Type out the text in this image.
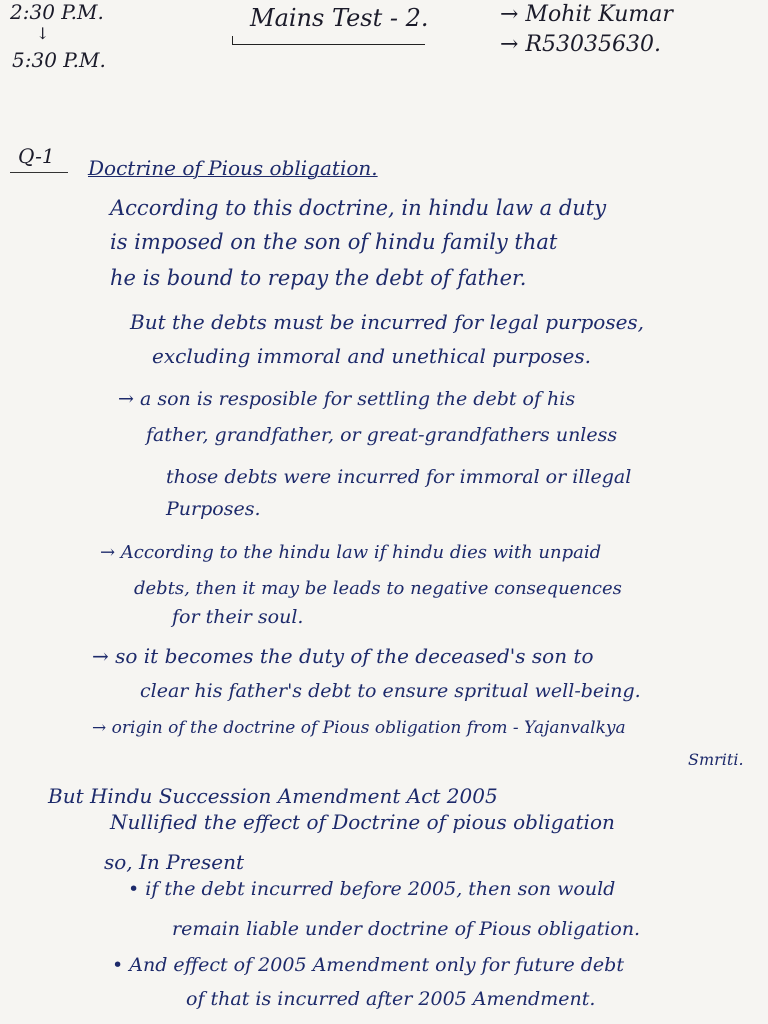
2:30 P.M.
↓
5:30 P.M.
Mains Test - 2.	→ Mohit Kumar
→ R53035630.
Q-1 Doctrine of Pious obligation.
According to this doctrine, in hindu law a duty
is imposed on the son of hindu family that
he is bound to repay the debt of father.
But the debts must be incurred for legal purposes,
excluding immoral and unethical purposes.
→ a son is resposible for settling the debt of his
father, grandfather, or great-grandfathers unless
those debts were incurred for immoral or illegal
Purposes.
→ According to the hindu law if hindu dies with unpaid
debts, then it may be leads to negative consequences
for their soul.
→ so it becomes the duty of the deceased's son to
clear his father's debt to ensure spritual well-being.
→ origin of the doctrine of Pious obligation from - Yajanvalkya
Smriti.
But Hindu Succession Amendment Act 2005
Nullified the effect of Doctrine of pious obligation
so, In Present
• if the debt incurred before 2005, then son would
remain liable under doctrine of Pious obligation.
• And effect of 2005 Amendment only for future debt
of that is incurred after 2005 Amendment.
